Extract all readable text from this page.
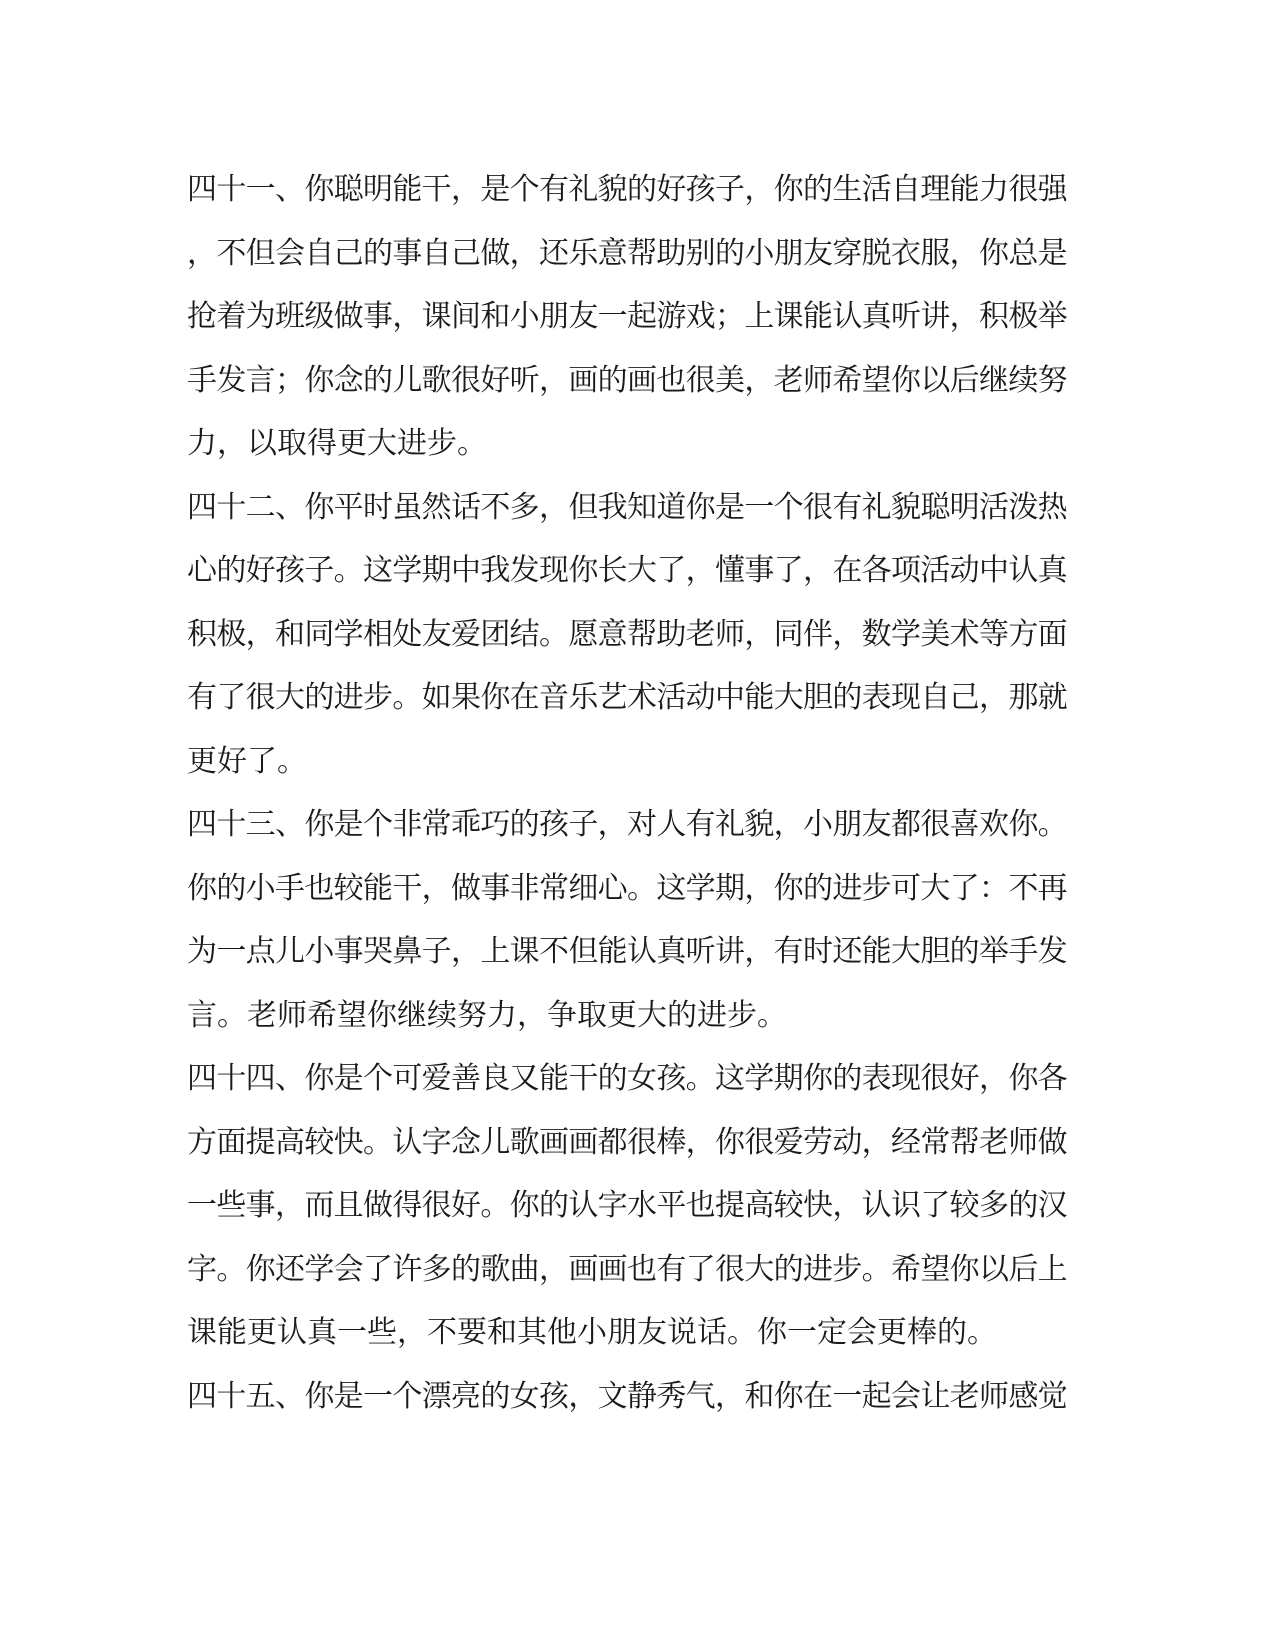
四十一、你聪明能干，是个有礼貌的好孩子，你的生活自理能力很强
，不但会自己的事自己做，还乐意帮助别的小朋友穿脱衣服，你总是
抢着为班级做事，课间和小朋友一起游戏；上课能认真听讲，积极举
手发言；你念的儿歌很好听，画的画也很美，老师希望你以后继续努
力，以取得更大进步。
四十二、你平时虽然话不多，但我知道你是一个很有礼貌聪明活泼热
心的好孩子。这学期中我发现你长大了，懂事了，在各项活动中认真
积极，和同学相处友爱团结。愿意帮助老师，同伴，数学美术等方面
有了很大的进步。如果你在音乐艺术活动中能大胆的表现自己，那就
更好了。
四十三、你是个非常乖巧的孩子，对人有礼貌，小朋友都很喜欢你。
你的小手也较能干，做事非常细心。这学期，你的进步可大了：不再
为一点儿小事哭鼻子，上课不但能认真听讲，有时还能大胆的举手发
言。老师希望你继续努力，争取更大的进步。
四十四、你是个可爱善良又能干的女孩。这学期你的表现很好，你各
方面提高较快。认字念儿歌画画都很棒，你很爱劳动，经常帮老师做
一些事，而且做得很好。你的认字水平也提高较快，认识了较多的汉
字。你还学会了许多的歌曲，画画也有了很大的进步。希望你以后上
课能更认真一些，不要和其他小朋友说话。你一定会更棒的。
四十五、你是一个漂亮的女孩，文静秀气，和你在一起会让老师感觉
